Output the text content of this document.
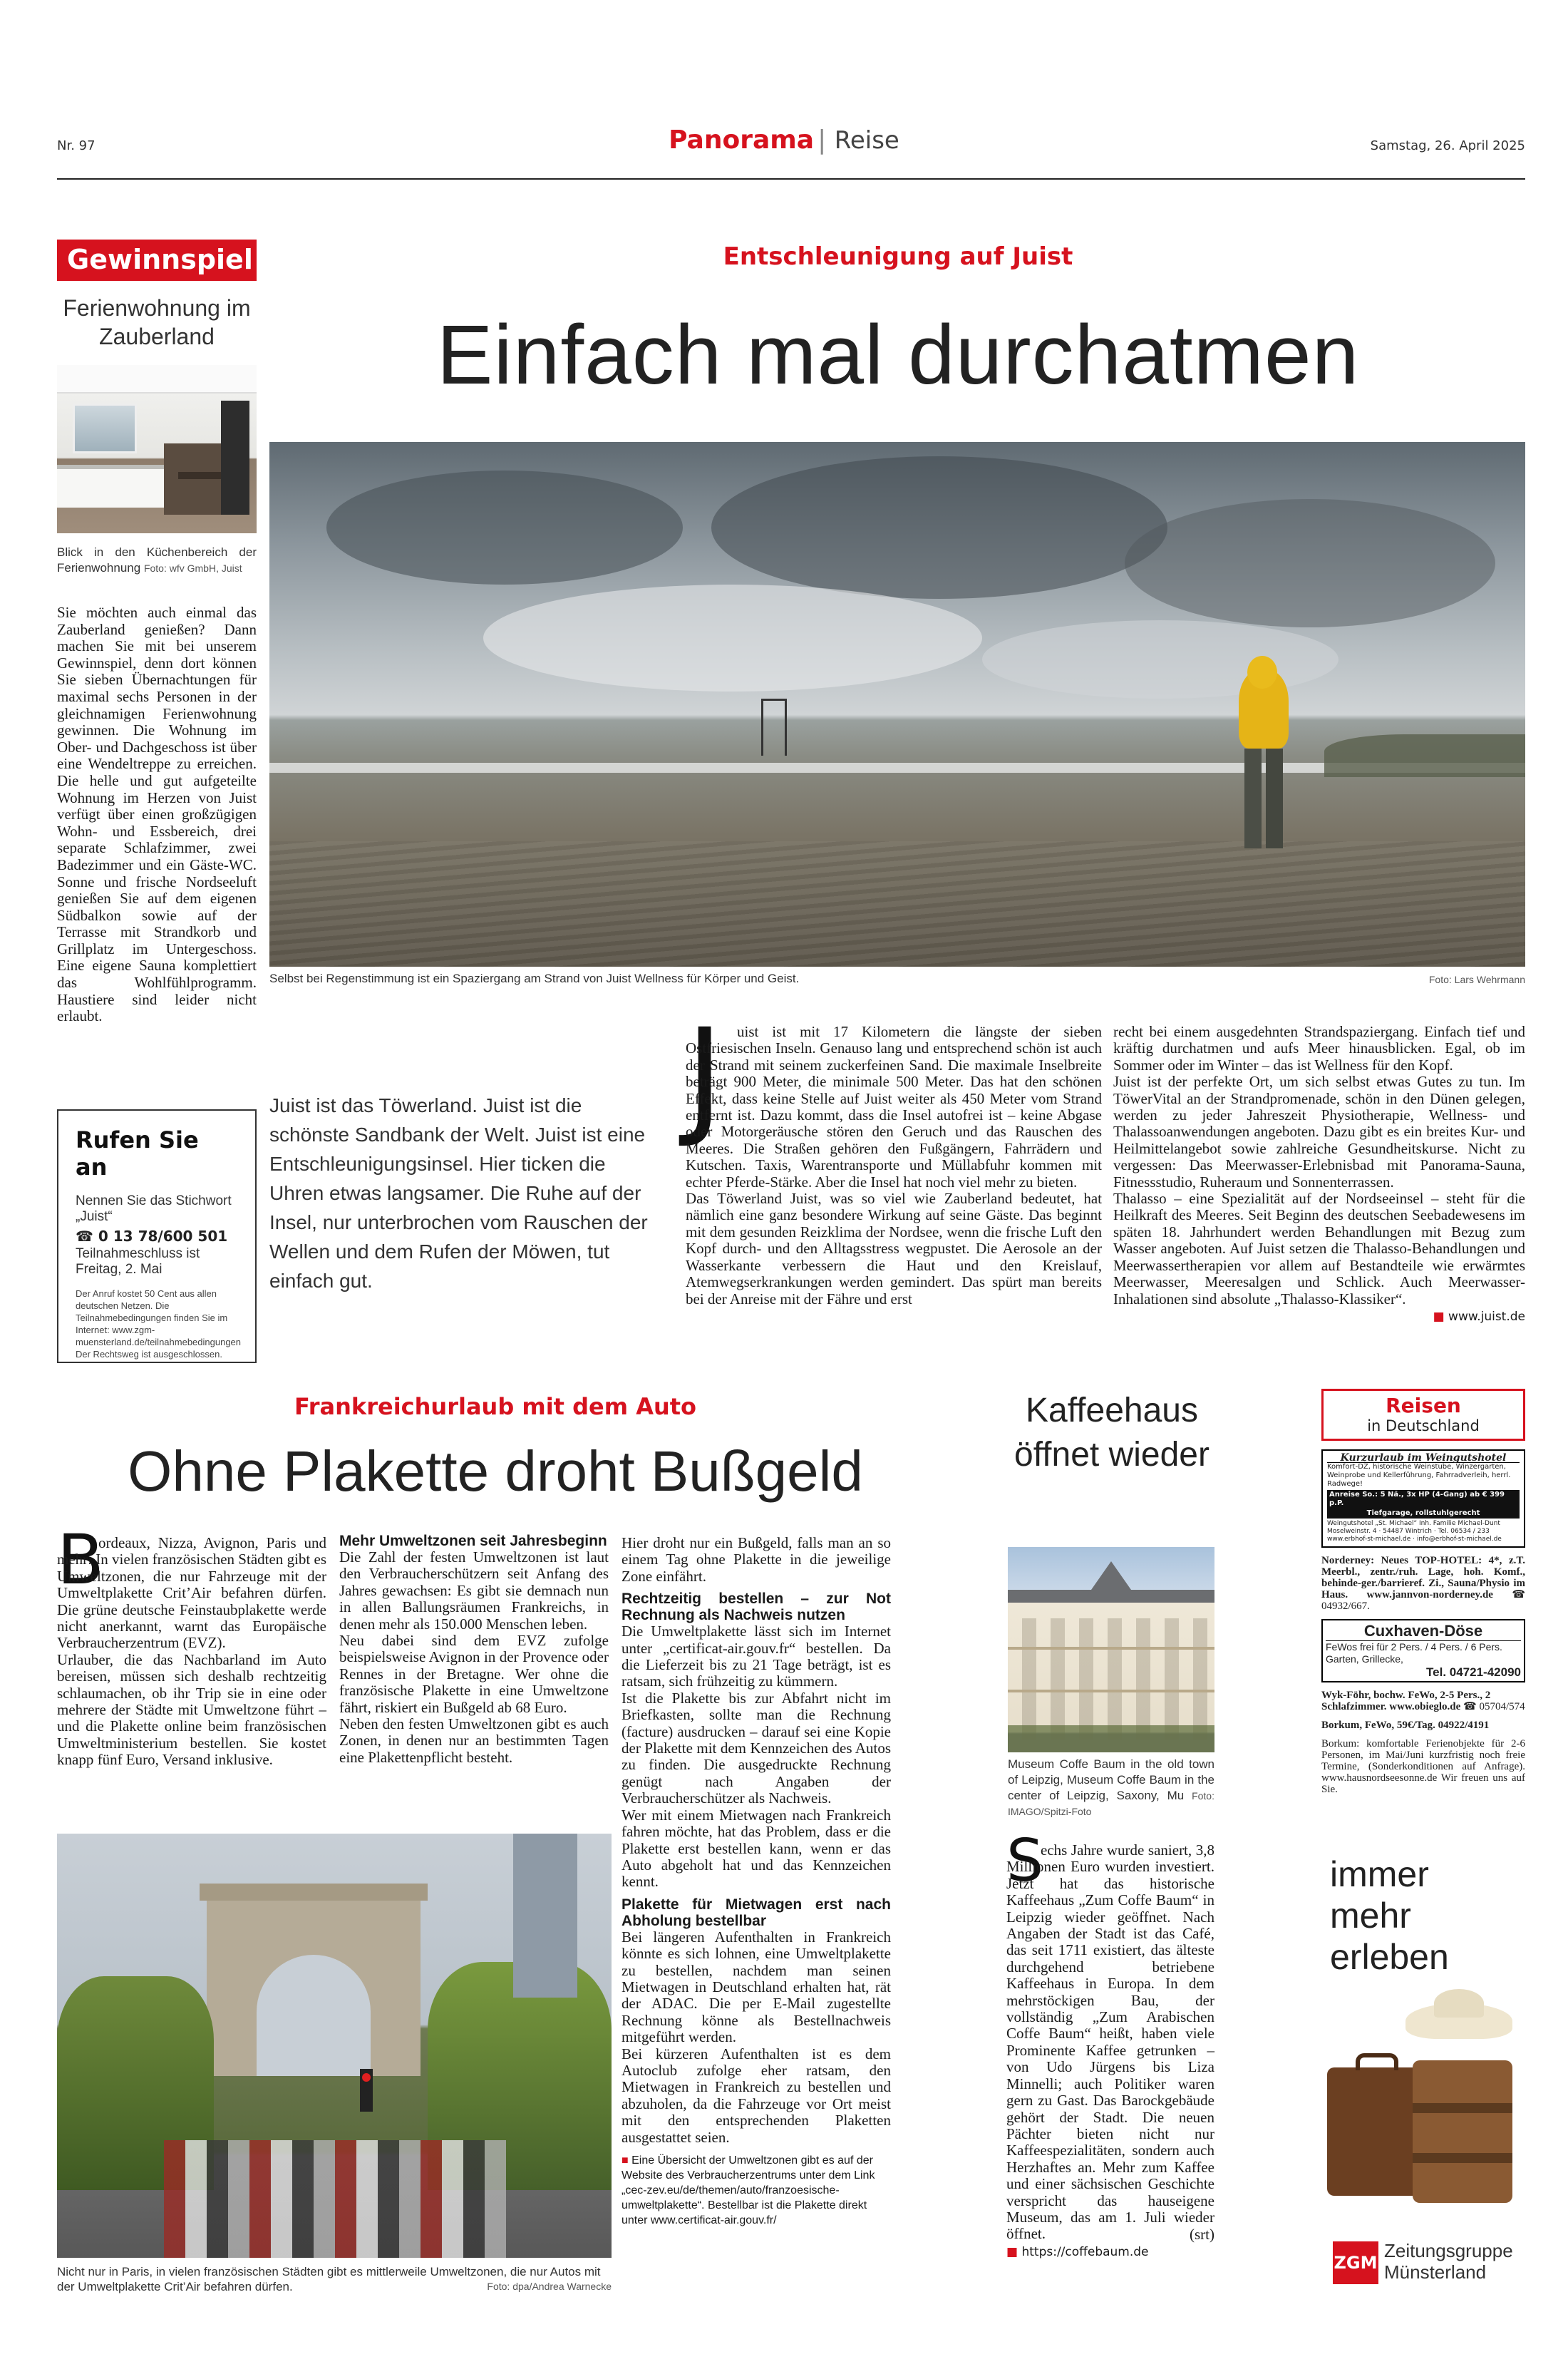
Nr. 97	Panorama | Reise	Samstag, 26. April 2025
Gewinnspiel
Ferienwohnung im Zauberland
Blick in den Küchenbereich der Ferienwohnung Foto: wfv GmbH, Juist
Sie möchten auch einmal das Zauberland genießen? Dann machen Sie mit bei unserem Gewinnspiel, denn dort können Sie sieben Übernachtungen für maximal sechs Personen in der gleichnamigen Ferienwohnung gewinnen. Die Wohnung im Ober- und Dachgeschoss ist über eine Wendeltreppe zu erreichen. Die helle und gut aufgeteilte Wohnung im Herzen von Juist verfügt über einen großzügigen Wohn- und Essbereich, drei separate Schlafzimmer, zwei Badezimmer und ein Gäste-WC. Sonne und frische Nordseeluft genießen Sie auf dem eigenen Südbalkon sowie auf der Terrasse mit Strandkorb und Grillplatz im Untergeschoss. Eine eigene Sauna komplettiert das Wohlfühlprogramm. Haustiere sind leider nicht erlaubt.
Rufen Sie an
Nennen Sie das Stichwort
„Juist“
☎ 0 13 78/600 501
Teilnahmeschluss ist
Freitag, 2. Mai
Der Anruf kostet 50 Cent aus allen deutschen Netzen. Die Teilnahmebedingungen finden Sie im Internet: www.zgm-muensterland.de/teilnahmebedingungen Der Rechtsweg ist ausgeschlossen.
Entschleunigung auf Juist
Einfach mal durchatmen
Selbst bei Regenstimmung ist ein Spaziergang am Strand von Juist Wellness für Körper und Geist.	Foto: Lars Wehrmann
Juist ist das Töwerland. Juist ist die schönste Sandbank der Welt. Juist ist eine Entschleunigungsinsel. Hier ticken die Uhren etwas langsamer. Die Ruhe auf der Insel, nur unterbrochen vom Rauschen der Wellen und dem Rufen der Möwen, tut einfach gut.
J uist ist mit 17 Kilometern die längste der sieben Ostfriesischen Inseln. Genauso lang und entsprechend schön ist auch der Strand mit seinem zuckerfeinen Sand. Die maximale Inselbreite beträgt 900 Meter, die minimale 500 Meter. Das hat den schönen Effekt, dass keine Stelle auf Juist weiter als 450 Meter vom Strand entfernt ist. Dazu kommt, dass die Insel autofrei ist – keine Abgase oder Motorgeräusche stören den Geruch und das Rauschen des Meeres. Die Straßen gehören den Fußgängern, Fahrrädern und Kutschen. Taxis, Warentransporte und Müllabfuhr kommen mit echter Pferde-Stärke. Aber die Insel hat noch viel mehr zu bieten.

Das Töwerland Juist, was so viel wie Zauberland bedeutet, hat nämlich eine ganz besondere Wirkung auf seine Gäste. Das beginnt mit dem gesunden Reizklima der Nordsee, wenn die frische Luft den Kopf durch- und den Alltagsstress wegpustet. Die Aerosole an der Wasserkante verbessern die Haut und den Kreislauf, Atemwegserkrankungen werden gemindert. Das spürt man bereits bei der Anreise mit der Fähre und erst

recht bei einem ausgedehnten Strandspaziergang. Einfach tief und kräftig durchatmen und aufs Meer hinausblicken. Egal, ob im Sommer oder im Winter – das ist Wellness für den Kopf.

Juist ist der perfekte Ort, um sich selbst etwas Gutes zu tun. Im TöwerVital an der Strandpromenade, schön in den Dünen gelegen, werden zu jeder Jahreszeit Physiotherapie, Wellness- und Thalassoanwendungen angeboten. Dazu gibt es ein breites Kur- und Heilmittelangebot sowie zahlreiche Gesundheitskurse. Nicht zu vergessen: Das Meerwasser-Erlebnisbad mit Panorama-Sauna, Fitnessstudio, Ruheraum und Sonnenterrassen.

Thalasso – eine Spezialität auf der Nordseeinsel – steht für die Heilkraft des Meeres. Seit Beginn des deutschen Seebadewesens im späten 18. Jahrhundert werden Behandlungen mit Bezug zum Wasser angeboten. Auf Juist setzen die Thalasso-Behandlungen und Meerwassertherapien vor allem auf Bestandteile wie erwärmtes Meerwasser, Meeresalgen und Schlick. Auch Meerwasser-Inhalationen sind absolute „Thalasso-Klassiker“.

■ www.juist.de

Frankreichurlaub mit dem Auto
Ohne Plakette droht Bußgeld
B

ordeaux, Nizza, Avignon, Paris und mehr: In vielen französischen Städten gibt es Umweltzonen, die nur Fahrzeuge mit der Umweltplakette Crit’Air befahren dürfen. Die grüne deutsche Feinstaubplakette werde nicht anerkannt, warnt das Europäische Verbraucherzentrum (EVZ).

Urlauber, die das Nachbarland im Auto bereisen, müssen sich deshalb rechtzeitig schlaumachen, ob ihr Trip sie in eine oder mehrere der Städte mit Umweltzone führt – und die Plakette online beim französischen Umweltministerium bestellen. Sie kostet knapp fünf Euro, Versand inklusive.

Mehr Umweltzonen seit Jahresbeginn

Die Zahl der festen Umweltzonen ist laut den Verbraucherschützern seit Anfang des Jahres gewachsen: Es gibt sie demnach nun in allen Ballungsräumen Frankreichs, in denen mehr als 150.000 Menschen leben.

Neu dabei sind dem EVZ zufolge beispielsweise Avignon in der Provence oder Rennes in der Bretagne. Wer ohne die französische Plakette in eine Umweltzone fährt, riskiert ein Bußgeld ab 68 Euro.

Neben den festen Umweltzonen gibt es auch Zonen, in denen nur an bestimmten Tagen eine Plakettenpflicht besteht.

Hier droht nur ein Bußgeld, falls man an so einem Tag ohne Plakette in die jeweilige Zone einfährt.

Rechtzeitig bestellen – zur Not Rechnung als Nachweis nutzen

Die Umweltplakette lässt sich im Internet unter „certificat-air.gouv.fr“ bestellen. Da die Lieferzeit bis zu 21 Tage beträgt, ist es ratsam, sich frühzeitig zu kümmern.

Ist die Plakette bis zur Abfahrt nicht im Briefkasten, sollte man die Rechnung (facture) ausdrucken – darauf sei eine Kopie der Plakette mit dem Kennzeichen des Autos zu finden. Die ausgedruckte Rechnung genügt nach Angaben der Verbraucherschützer als Nachweis.

Wer mit einem Mietwagen nach Frankreich fahren möchte, hat das Problem, dass er die Plakette erst bestellen kann, wenn er das Auto abgeholt hat und das Kennzeichen kennt.

Plakette für Mietwagen erst nach Abholung bestellbar

Bei längeren Aufenthalten in Frankreich könnte es sich lohnen, eine Umweltplakette zu bestellen, nachdem man seinen Mietwagen in Deutschland erhalten hat, rät der ADAC. Die per E-Mail zugestellte Rechnung könne als Bestellnachweis mitgeführt werden.

Bei kürzeren Aufenthalten ist es dem Autoclub zufolge eher ratsam, den Mietwagen in Frankreich zu bestellen und abzuholen, da die Fahrzeuge vor Ort meist mit den entsprechenden Plaketten ausgestattet seien.

■ Eine Übersicht der Umweltzonen gibt es auf der Website des Verbraucherzentrums unter dem Link „cec-zev.eu/de/themen/auto/franzoesische-umweltplakette“. Bestellbar ist die Plakette direkt unter www.certificat-air.gouv.fr/

Nicht nur in Paris, in vielen französischen Städten gibt es mittlerweile Umweltzonen, die nur Autos mit der Umweltplakette Crit’Air befahren dürfen.	Foto: dpa/Andrea Warnecke
Kaffeehaus öffnet wieder
Museum Coffe Baum in the old town of Leipzig, Museum Coffe Baum in the center of Leipzig, Saxony, Mu Foto: IMAGO/Spitzi-Foto
S

echs Jahre wurde saniert, 3,8 Millionen Euro wurden investiert. Jetzt hat das historische Kaffeehaus „Zum Coffe Baum“ in Leipzig wieder geöffnet. Nach Angaben der Stadt ist das Café, das seit 1711 existiert, das älteste durchgehend betriebene Kaffeehaus in Europa. In dem mehrstöckigen Bau, der vollständig „Zum Arabischen Coffe Baum“ heißt, haben viele Prominente Kaffee getrunken – von Udo Jürgens bis Liza Minnelli; auch Politiker waren gern zu Gast. Das Barockgebäude gehört der Stadt. Die neuen Pächter bieten nicht nur Kaffeespezialitäten, sondern auch Herzhaftes an. Mehr zum Kaffee und einer sächsischen Geschichte verspricht das hauseigene Museum, das am 1. Juli wieder öffnet.	(srt)

■ https://coffebaum.de

Reisen
in Deutschland
Kurzurlaub im Weingutshotel
Komfort-DZ, historische Weinstube, Winzergarten, Weinprobe und Kellerführung, Fahrradverleih, herrl. Radwege!
Anreise So.: 5 Nä., 3x HP (4-Gang) ab € 399 p.P.
Tiefgarage, rollstuhlgerecht
Weingutshotel „St. Michael“ Inh. Familie Michael-Dunt Moselweinstr. 4 · 54487 Wintrich · Tel. 06534 / 233 www.erbhof-st-michael.de · info@erbhof-st-michael.de
Norderney: Neues TOP-HOTEL: 4*, z.T. Meerbl., zentr./ruh. Lage, hoh. Komf., behinde-ger./barrieref. Zi., Sauna/Physio im Haus. www.jannvon-norderney.de ☎ 04932/667.
Cuxhaven-Döse
FeWos frei für 2 Pers. / 4 Pers. / 6 Pers. Garten, Grillecke,
Tel. 04721-42090
Wyk-Föhr, bochw. FeWo, 2-5 Pers., 2 Schlafzimmer. www.obieglo.de ☎ 05704/574
Borkum, FeWo, 59€/Tag. 04922/4191
Borkum: komfortable Ferienobjekte für 2-6 Personen, im Mai/Juni kurzfristig noch freie Termine, (Sonderkonditionen auf Anfrage). www.hausnordseesonne.de Wir freuen uns auf Sie.
immer mehr erleben
ZGM
Zeitungsgruppe Münsterland
